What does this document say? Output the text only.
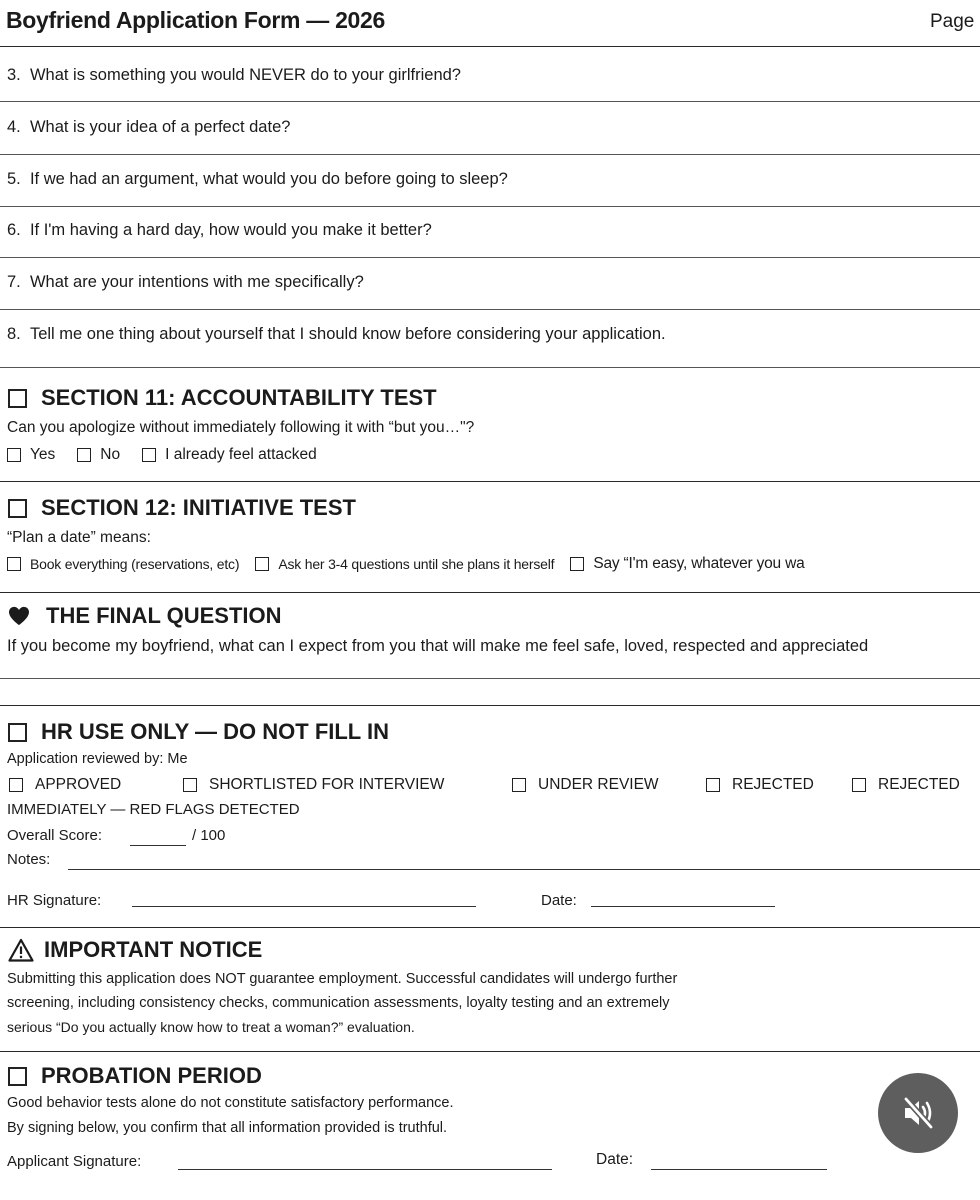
Boyfriend Application Form — 2026	Page
3. What is something you would NEVER do to your girlfriend?
4. What is your idea of a perfect date?
5. If we had an argument, what would you do before going to sleep?
6. If I'm having a hard day, how would you make it better?
7. What are your intentions with me specifically?
8. Tell me one thing about yourself that I should know before considering your application.
SECTION 11: ACCOUNTABILITY TEST
Can you apologize without immediately following it with “but you…"?
Yes	No	I already feel attacked
SECTION 12: INITIATIVE TEST
“Plan a date” means:
Book everything (reservations, etc)	Ask her 3-4 questions until she plans it herself	Say “I'm easy, whatever you wa
THE FINAL QUESTION
If you become my boyfriend, what can I expect from you that will make me feel safe, loved, respected and appreciated
HR USE ONLY — DO NOT FILL IN
Application reviewed by: Me
APPROVED	SHORTLISTED FOR INTERVIEW	UNDER REVIEW	REJECTED	REJECTED
IMMEDIATELY — RED FLAGS DETECTED
Overall Score:	/ 100
Notes:
HR Signature:	Date:
IMPORTANT NOTICE
Submitting this application does NOT guarantee employment. Successful candidates will undergo further
screening, including consistency checks, communication assessments, loyalty testing and an extremely
serious “Do you actually know how to treat a woman?” evaluation.
PROBATION PERIOD
Good behavior tests alone do not constitute satisfactory performance.
By signing below, you confirm that all information provided is truthful.
Applicant Signature:	Date:
